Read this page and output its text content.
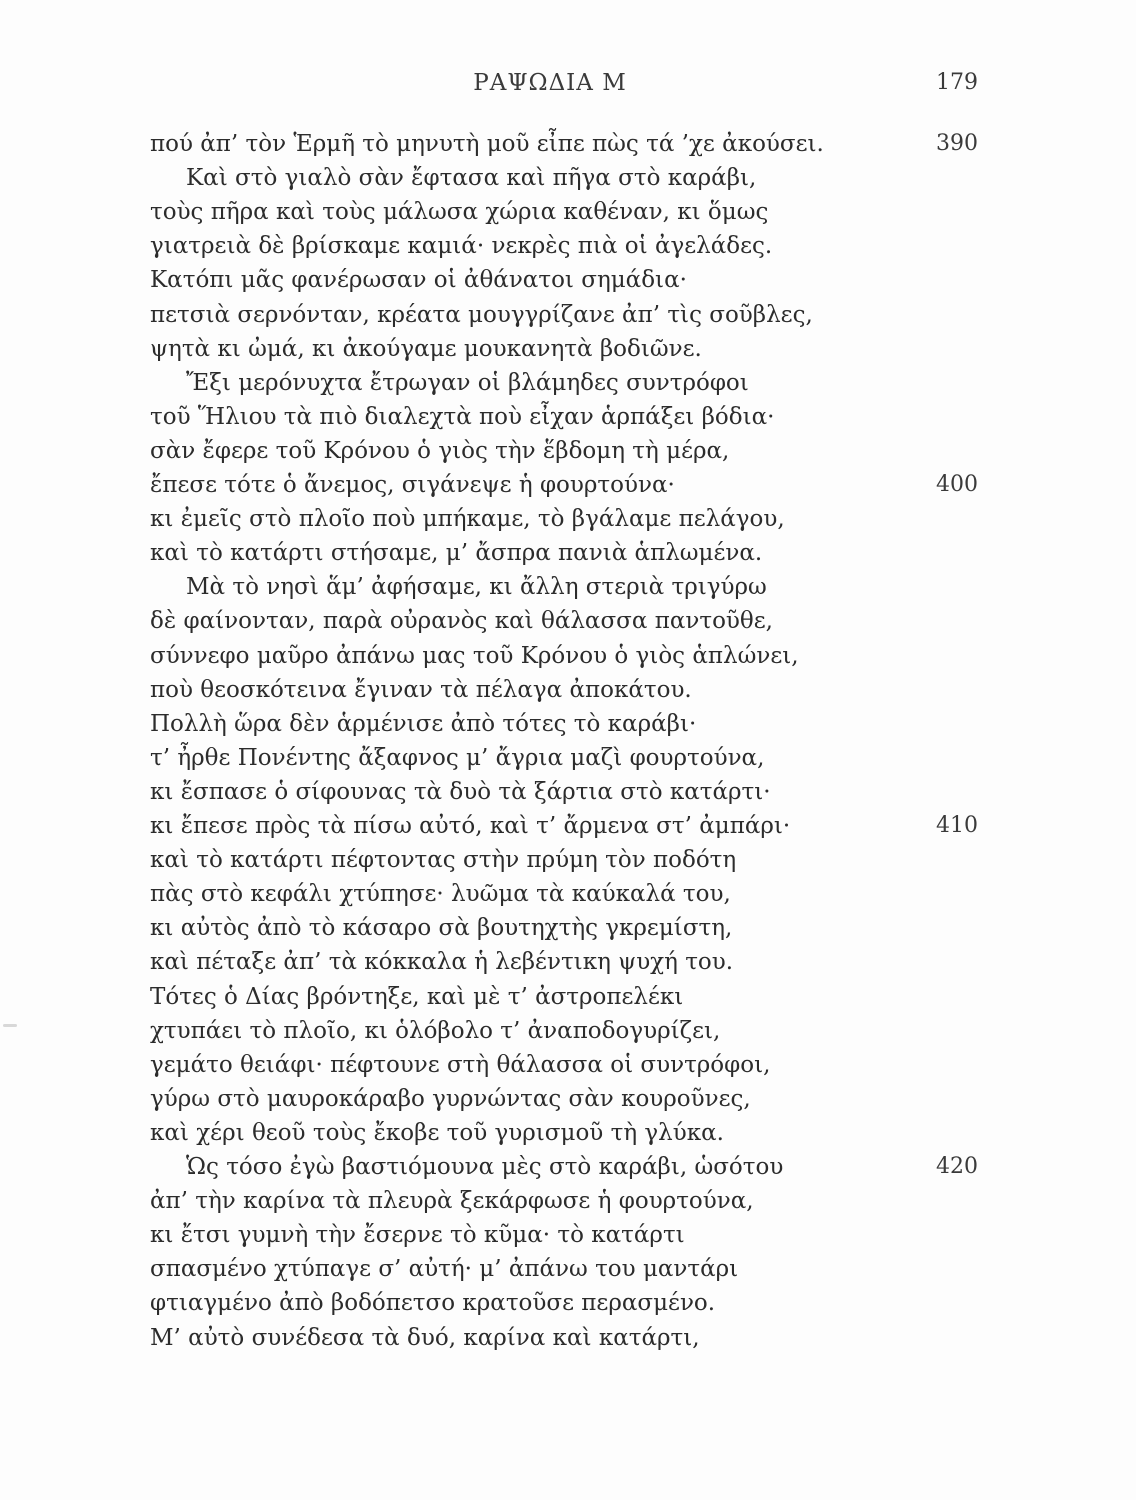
ΡΑΨΩΔΙΑ Μ	179
πού ἀπ’ τὸν Ἑρμῆ τὸ μηνυτὴ μοῦ εἶπε πὼς τά ’χε ἀκούσει.	390
Καὶ στὸ γιαλὸ σὰν ἔφτασα καὶ πῆγα στὸ καράβι,
τοὺς πῆρα καὶ τοὺς μάλωσα χώρια καθέναν, κι ὅμως
γιατρειὰ δὲ βρίσκαμε καμιά· νεκρὲς πιὰ οἱ ἀγελάδες.
Κατόπι μᾶς φανέρωσαν οἱ ἀθάνατοι σημάδια·
πετσιὰ σερνόνταν, κρέατα μουγγρίζανε ἀπ’ τὶς σοῦβλες,
ψητὰ κι ὠμά, κι ἀκούγαμε μουκανητὰ βοδιῶνε.
Ἔξι μερόνυχτα ἔτρωγαν οἱ βλάμηδες συντρόφοι
τοῦ Ἥλιου τὰ πιὸ διαλεχτὰ ποὺ εἶχαν ἁρπάξει βόδια·
σὰν ἔφερε τοῦ Κρόνου ὁ γιὸς τὴν ἕβδομη τὴ μέρα,
ἔπεσε τότε ὁ ἄνεμος, σιγάνεψε ἡ φουρτούνα·	400
κι ἐμεῖς στὸ πλοῖο ποὺ μπήκαμε, τὸ βγάλαμε πελάγου,
καὶ τὸ κατάρτι στήσαμε, μ’ ἄσπρα πανιὰ ἁπλωμένα.
Μὰ τὸ νησὶ ἅμ’ ἀφήσαμε, κι ἄλλη στεριὰ τριγύρω
δὲ φαίνονταν, παρὰ οὐρανὸς καὶ θάλασσα παντοῦθε,
σύννεφο μαῦρο ἀπάνω μας τοῦ Κρόνου ὁ γιὸς ἁπλώνει,
ποὺ θεοσκότεινα ἔγιναν τὰ πέλαγα ἀποκάτου.
Πολλὴ ὥρα δὲν ἁρμένισε ἀπὸ τότες τὸ καράβι·
τ’ ἦρθε Πονέντης ἄξαφνος μ’ ἄγρια μαζὶ φουρτούνα,
κι ἔσπασε ὁ σίφουνας τὰ δυὸ τὰ ξάρτια στὸ κατάρτι·
κι ἔπεσε πρὸς τὰ πίσω αὐτό, καὶ τ’ ἄρμενα στ’ ἀμπάρι·	410
καὶ τὸ κατάρτι πέφτοντας στὴν πρύμη τὸν ποδότη
πὰς στὸ κεφάλι χτύπησε· λυῶμα τὰ καύκαλά του,
κι αὐτὸς ἀπὸ τὸ κάσαρο σὰ βουτηχτὴς γκρεμίστη,
καὶ πέταξε ἀπ’ τὰ κόκκαλα ἡ λεβέντικη ψυχή του.
Τότες ὁ Δίας βρόντηξε, καὶ μὲ τ’ ἀστροπελέκι
χτυπάει τὸ πλοῖο, κι ὁλόβολο τ’ ἀναποδογυρίζει,
γεμάτο θειάφι· πέφτουνε στὴ θάλασσα οἱ συντρόφοι,
γύρω στὸ μαυροκάραβο γυρνώντας σὰν κουροῦνες,
καὶ χέρι θεοῦ τοὺς ἔκοβε τοῦ γυρισμοῦ τὴ γλύκα.
Ὡς τόσο ἐγὼ βαστιόμουνα μὲς στὸ καράβι, ὡσότου	420
ἀπ’ τὴν καρίνα τὰ πλευρὰ ξεκάρφωσε ἡ φουρτούνα,
κι ἔτσι γυμνὴ τὴν ἔσερνε τὸ κῦμα· τὸ κατάρτι
σπασμένο χτύπαγε σ’ αὐτή· μ’ ἀπάνω του μαντάρι
φτιαγμένο ἀπὸ βοδόπετσο κρατοῦσε περασμένο.
Μ’ αὐτὸ συνέδεσα τὰ δυό, καρίνα καὶ κατάρτι,
